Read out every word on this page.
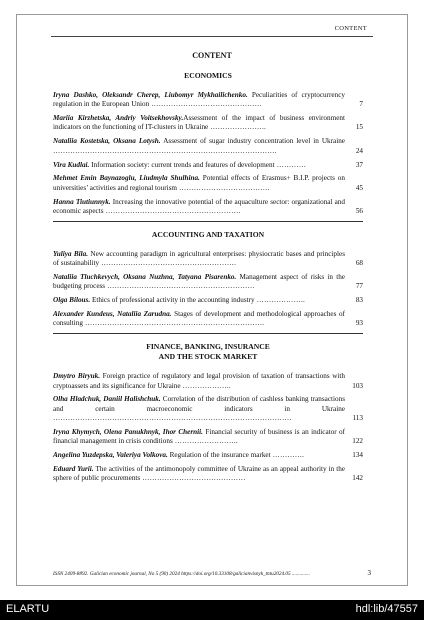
CONTENT
CONTENT
ECONOMICS
Iryna Dashko, Oleksandr Cherep, Liubomyr Mykhailichenko. Peculiarities of cryptocurrency regulation in the European Union ………………………………………	7
Mariia Kirzhetska, Andriy Voitsekhovsky.Assessment of the impact of business environment indicators on the functioning of IT-clusters in Ukraine …………………..	15
Nataliia Kostetska, Oksana Lotysh. Assessment of sugar industry concentration level in Ukraine ……………………………………………………………………………….	24
Vira Kudlai. Information society: current trends and features of development …………	37
Mehmet Emin Baynazoglu, Liudmyla Shulhina. Potential effects of Erasmus+ B.I.P. projects on universities’ activities and regional tourism ……………………………….	45
Hanna Tiutiunnyk. Increasing the innovative potential of the aquaculture sector: organizational and economic aspects ……………………………………………….	56
ACCOUNTING AND TAXATION
Yuliya Bila. New accounting paradigm in agricultural enterprises: physiocratic bases and principles of sustainability ……………………………………………….	68
Nataliia Tluchkevych, Oksana Nuzhna, Tatyana Pisarenko. Management aspect of risks in the budgeting process ……………………………………………………	77
Olga Bilous. Ethics of professional activity in the accounting industry ………………..	83
Alexander Kundeus, Nataliia Zarudna. Stages of development and methodological approaches of consulting ……………………………………………………………….	93
FINANCE, BANKING, INSURANCE
AND THE STOCK MARKET
Dmytro Biryuk. Foreign practice of regulatory and legal provision of taxation of transactions with cryptoassets and its significance for Ukraine ………………..	103
Olha Hladchuk, Daniil Halishchuk. Correlation of the distribution of cashless banking transactions and certain macroeconomic indicators in Ukraine …………………………………………………………………………………….	113
Iryna Khymych, Olena Panukhnyk, Ihor Chernii. Financial security of business is an indicator of financial management in crisis conditions ……………………..	122
Angelina Yuzdepska, Valeriya Volkova. Regulation of the insurance market ………….	134
Eduard Yurii. The activities of the antimonopoly committee of Ukraine as an appeal authority in the sphere of public procurements ……………………………………	142
ISSN 2409-8892. Galician economic journal, No 5 (90) 2024 https://doi.org/10.33108/galicianvisnyk_tntu2024.05 ..............	3
ELARTU	hdl:lib/47557
